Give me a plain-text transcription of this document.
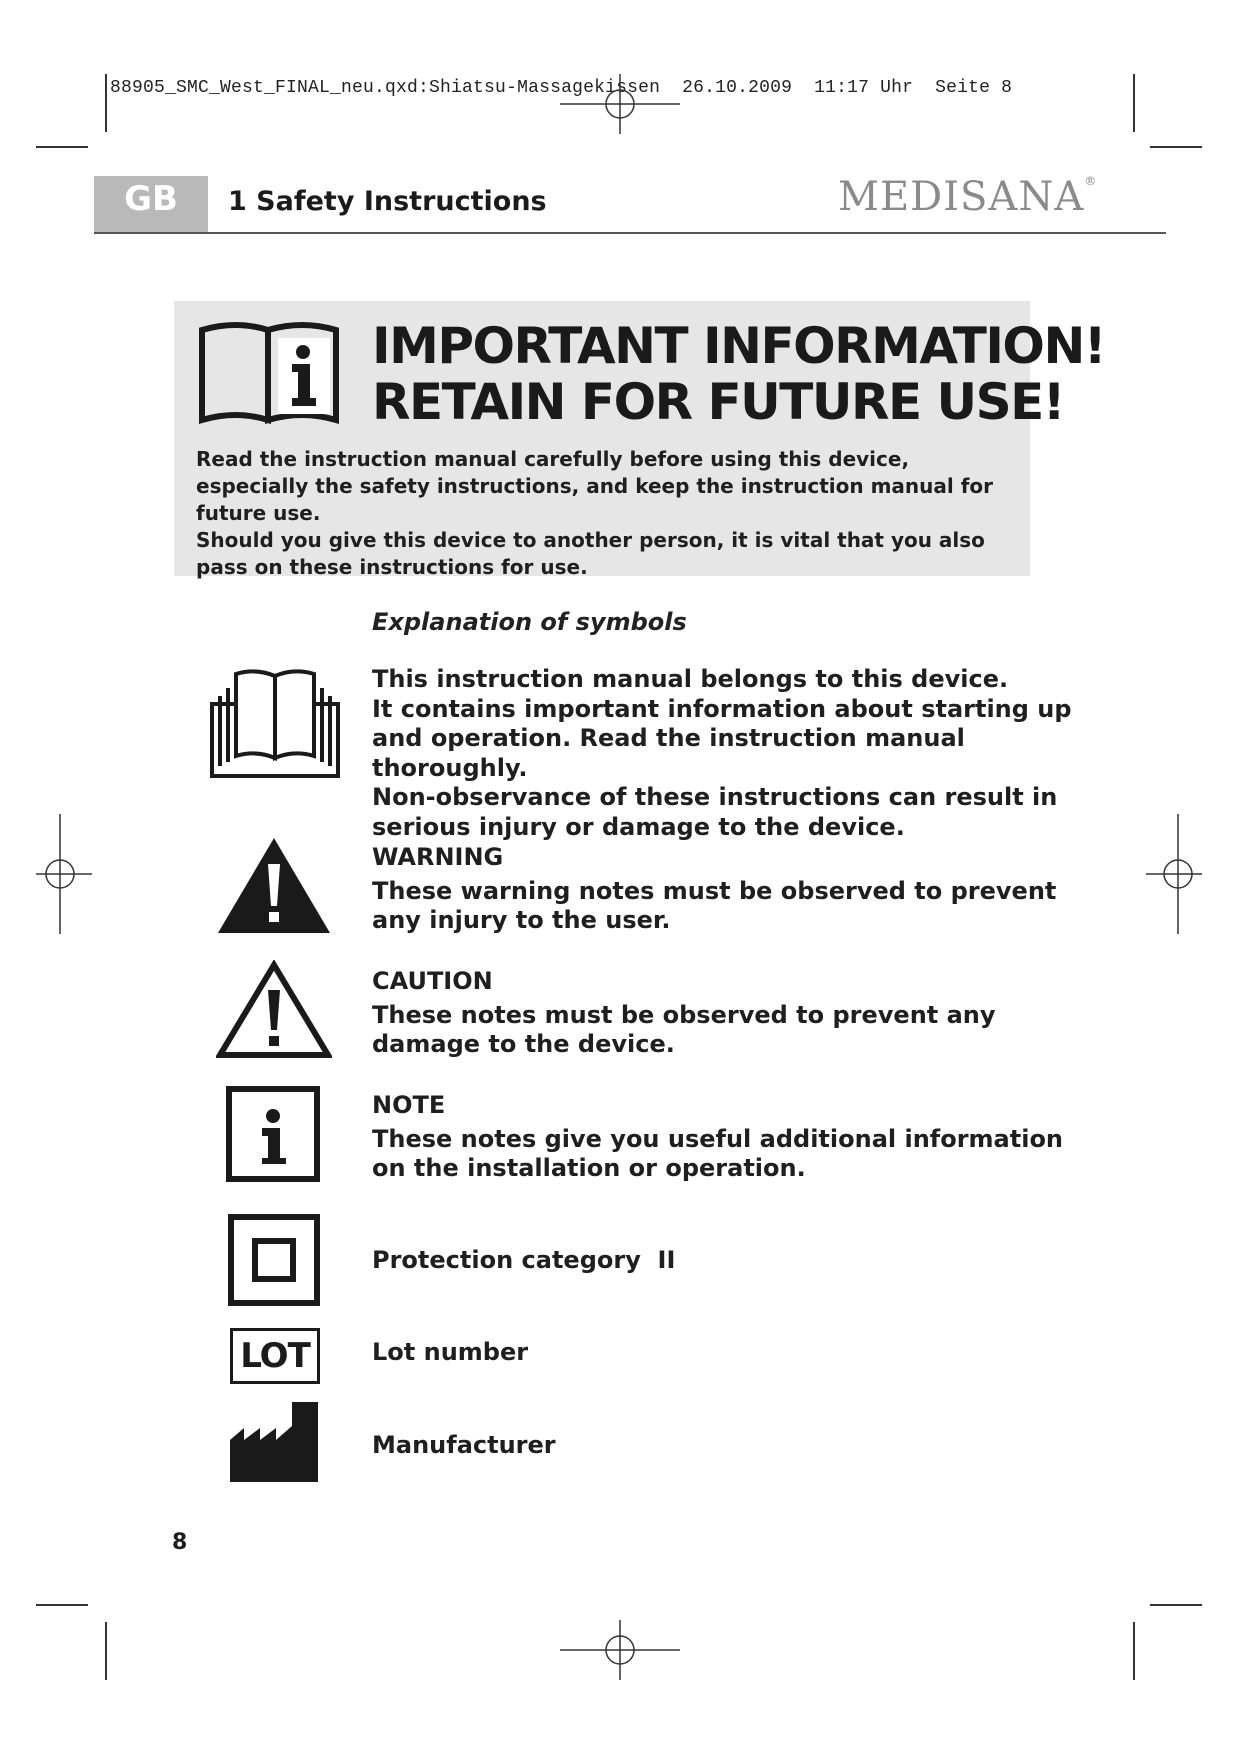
88905_SMC_West_FINAL_neu.qxd:Shiatsu-Massagekissen  26.10.2009  11:17 Uhr  Seite 8
GB	1 Safety Instructions	MEDISANA®
IMPORTANT INFORMATION!
RETAIN FOR FUTURE USE!

Read the instruction manual carefully before using this device, especially the safety instructions, and keep the instruction manual for future use.

Should you give this device to another person, it is vital that you also pass on these instructions for use.

Explanation of symbols

This instruction manual belongs to this device.

It contains important information about starting up

and operation. Read the instruction manual thoroughly.

Non-observance of these instructions can result in

serious injury or damage to the device.

WARNING

These warning notes must be observed to prevent

any injury to the user.

CAUTION

These notes must be observed to prevent any

damage to the device.

NOTE

These notes give you useful additional information

on the installation or operation.

Protection category  II

LOT	Lot number

Manufacturer

8
